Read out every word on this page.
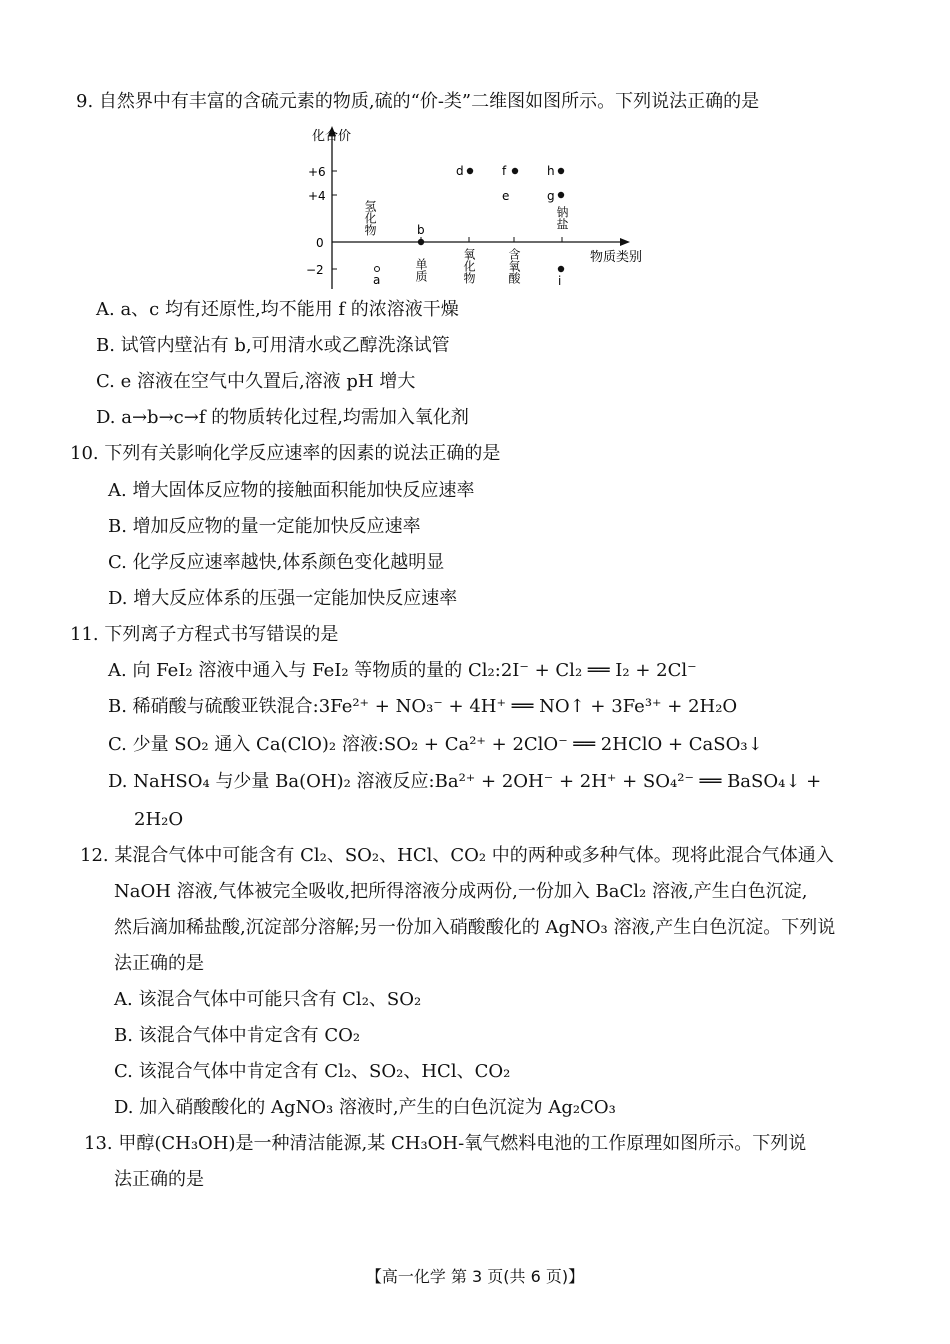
9. 自然界中有丰富的含硫元素的物质,硫的“价-类”二维图如图所示。下列说法正确的是
化合价
物质类别
+6
+4
0
−2
氢化物
单质	氧化物	含氧酸
钠盐
a
b
d	f
e
h
g
i
c
A. a、c 均有还原性,均不能用 f 的浓溶液干燥
B. 试管内壁沾有 b,可用清水或乙醇洗涤试管
C. e 溶液在空气中久置后,溶液 pH 增大
D. a→b→c→f 的物质转化过程,均需加入氧化剂
10. 下列有关影响化学反应速率的因素的说法正确的是
A. 增大固体反应物的接触面积能加快反应速率
B. 增加反应物的量一定能加快反应速率
C. 化学反应速率越快,体系颜色变化越明显
D. 增大反应体系的压强一定能加快反应速率
11. 下列离子方程式书写错误的是
A. 向 FeI₂ 溶液中通入与 FeI₂ 等物质的量的 Cl₂:2I⁻ + Cl₂ ══ I₂ + 2Cl⁻
B. 稀硝酸与硫酸亚铁混合:3Fe²⁺ + NO₃⁻ + 4H⁺ ══ NO↑ + 3Fe³⁺ + 2H₂O
C. 少量 SO₂ 通入 Ca(ClO)₂ 溶液:SO₂ + Ca²⁺ + 2ClO⁻ ══ 2HClO + CaSO₃↓
D. NaHSO₄ 与少量 Ba(OH)₂ 溶液反应:Ba²⁺ + 2OH⁻ + 2H⁺ + SO₄²⁻ ══ BaSO₄↓ +
2H₂O
12. 某混合气体中可能含有 Cl₂、SO₂、HCl、CO₂ 中的两种或多种气体。现将此混合气体通入
NaOH 溶液,气体被完全吸收,把所得溶液分成两份,一份加入 BaCl₂ 溶液,产生白色沉淀,
然后滴加稀盐酸,沉淀部分溶解;另一份加入硝酸酸化的 AgNO₃ 溶液,产生白色沉淀。下列说
法正确的是
A. 该混合气体中可能只含有 Cl₂、SO₂
B. 该混合气体中肯定含有 CO₂
C. 该混合气体中肯定含有 Cl₂、SO₂、HCl、CO₂
D. 加入硝酸酸化的 AgNO₃ 溶液时,产生的白色沉淀为 Ag₂CO₃
13. 甲醇(CH₃OH)是一种清洁能源,某 CH₃OH-氧气燃料电池的工作原理如图所示。下列说
法正确的是
【高一化学 第 3 页(共 6 页)】
